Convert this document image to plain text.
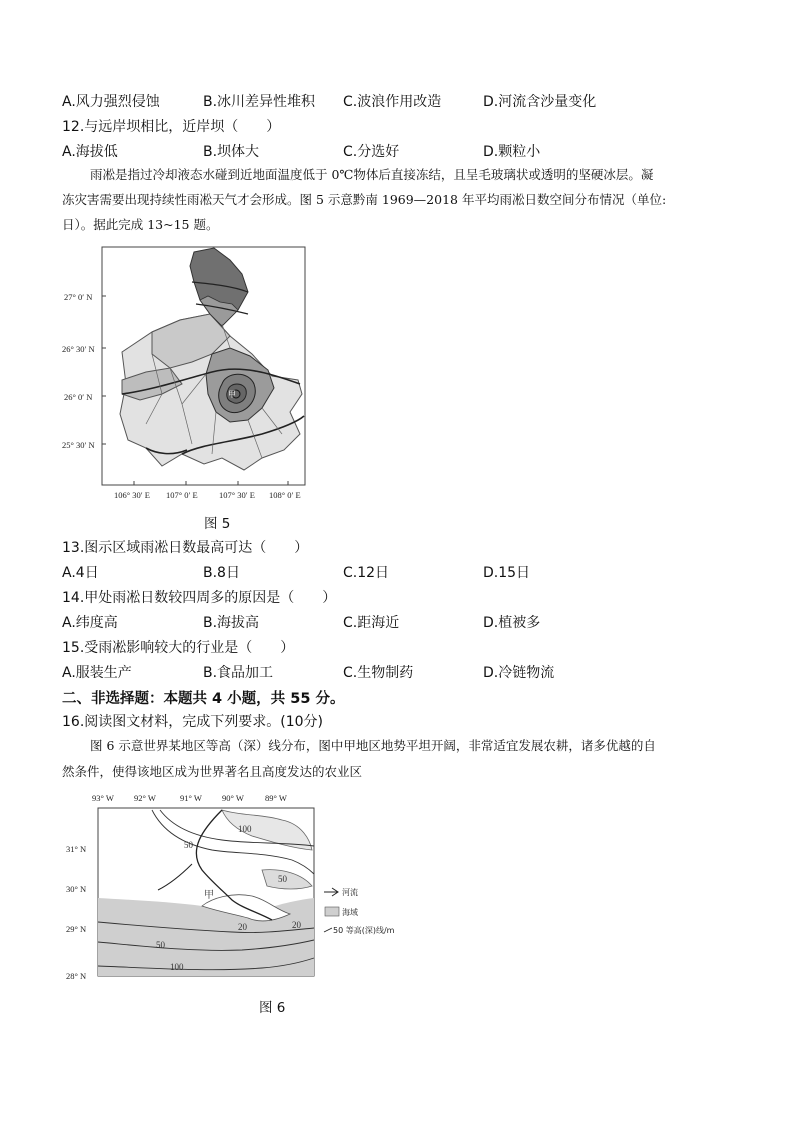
A.风力强烈侵蚀	B.冰川差异性堆积 C.波浪作用改造	D.河流含沙量变化
12.与远岸坝相比，近岸坝（　　）
A.海拔低	B.坝体大	C.分选好	D.颗粒小
雨凇是指过冷却液态水碰到近地面温度低于 0℃物体后直接冻结，且呈毛玻璃状或透明的坚硬冰层。凝
冻灾害需要出现持续性雨凇天气才会形成。图 5 示意黔南 1969—2018 年平均雨凇日数空间分布情况（单位:
日）。据此完成 13~15 题。
27° 0′ N
26° 30′ N
26° 0′ N
25° 30′ N
106° 30′ E 107° 0′ E	107° 30′ E 108° 0′ E
甲
图 5
13.图示区域雨凇日数最高可达（　　）
A.4日	B.8日	C.12日	D.15日
14.甲处雨凇日数较四周多的原因是（　　）
A.纬度高	B.海拔高	C.距海近	D.植被多
15.受雨凇影响较大的行业是（　　）
A.服装生产	B.食品加工	C.生物制药	D.冷链物流
二、非选择题：本题共 4 小题，共 55 分。
16.阅读图文材料，完成下列要求。(10分)
图 6 示意世界某地区等高（深）线分布，图中甲地区地势平坦开阔，非常适宜发展农耕，诸多优越的自
然条件，使得该地区成为世界著名且高度发达的农业区
93° W 92° W	91° W 90° W 89° W
31° N
30° N
29° N
28° N
100
50
50
20	20
50
100
甲	河流
海域
50 等高(深)线/m
图 6
